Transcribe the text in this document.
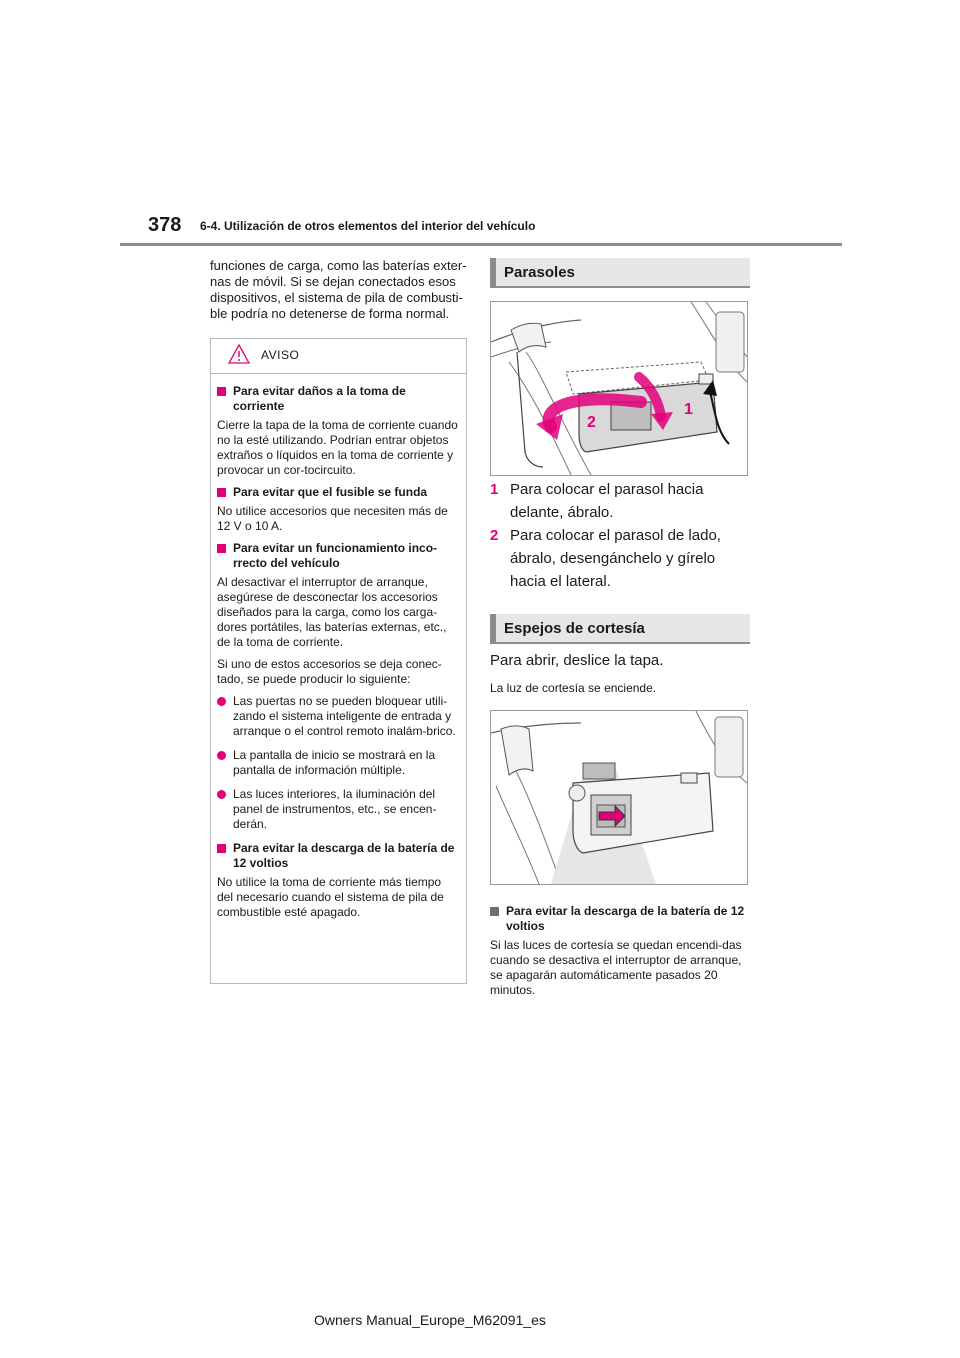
378 6-4. Utilización de otros elementos del interior del vehículo

funciones de carga, como las baterías exter-nas de móvil. Si se dejan conectados esos dispositivos, el sistema de pila de combusti-ble podría no detenerse de forma normal.

AVISO
Para evitar daños a la toma de corriente

Cierre la tapa de la toma de corriente cuando no la esté utilizando. Podrían entrar objetos extraños o líquidos en la toma de corriente y provocar un cor-tocircuito.

Para evitar que el fusible se funda

No utilice accesorios que necesiten más de 12 V o 10 A.

Para evitar un funcionamiento inco-rrecto del vehículo

Al desactivar el interruptor de arranque, asegúrese de desconectar los accesorios diseñados para la carga, como los carga-dores portátiles, las baterías externas, etc., de la toma de corriente.

Si uno de estos accesorios se deja conec-tado, se puede producir lo siguiente:

Las puertas no se pueden bloquear utili-zando el sistema inteligente de entrada y arranque o el control remoto inalám-brico.
La pantalla de inicio se mostrará en la pantalla de información múltiple.
Las luces interiores, la iluminación del panel de instrumentos, etc., se encen-derán.
Para evitar la descarga de la batería de 12 voltios

No utilice la toma de corriente más tiempo del necesario cuando el sistema de pila de combustible esté apagado.

Parasoles
2
1
1 Para colocar el parasol hacia delante, ábralo.
2 Para colocar el parasol de lado, ábralo, desengánchelo y gírelo hacia el lateral.
Espejos de cortesía
Para abrir, deslice la tapa.
La luz de cortesía se enciende.
Para evitar la descarga de la batería de 12 voltios

Si las luces de cortesía se quedan encendi-das cuando se desactiva el interruptor de arranque, se apagarán automáticamente pasados 20 minutos.

Owners Manual_Europe_M62091_es
